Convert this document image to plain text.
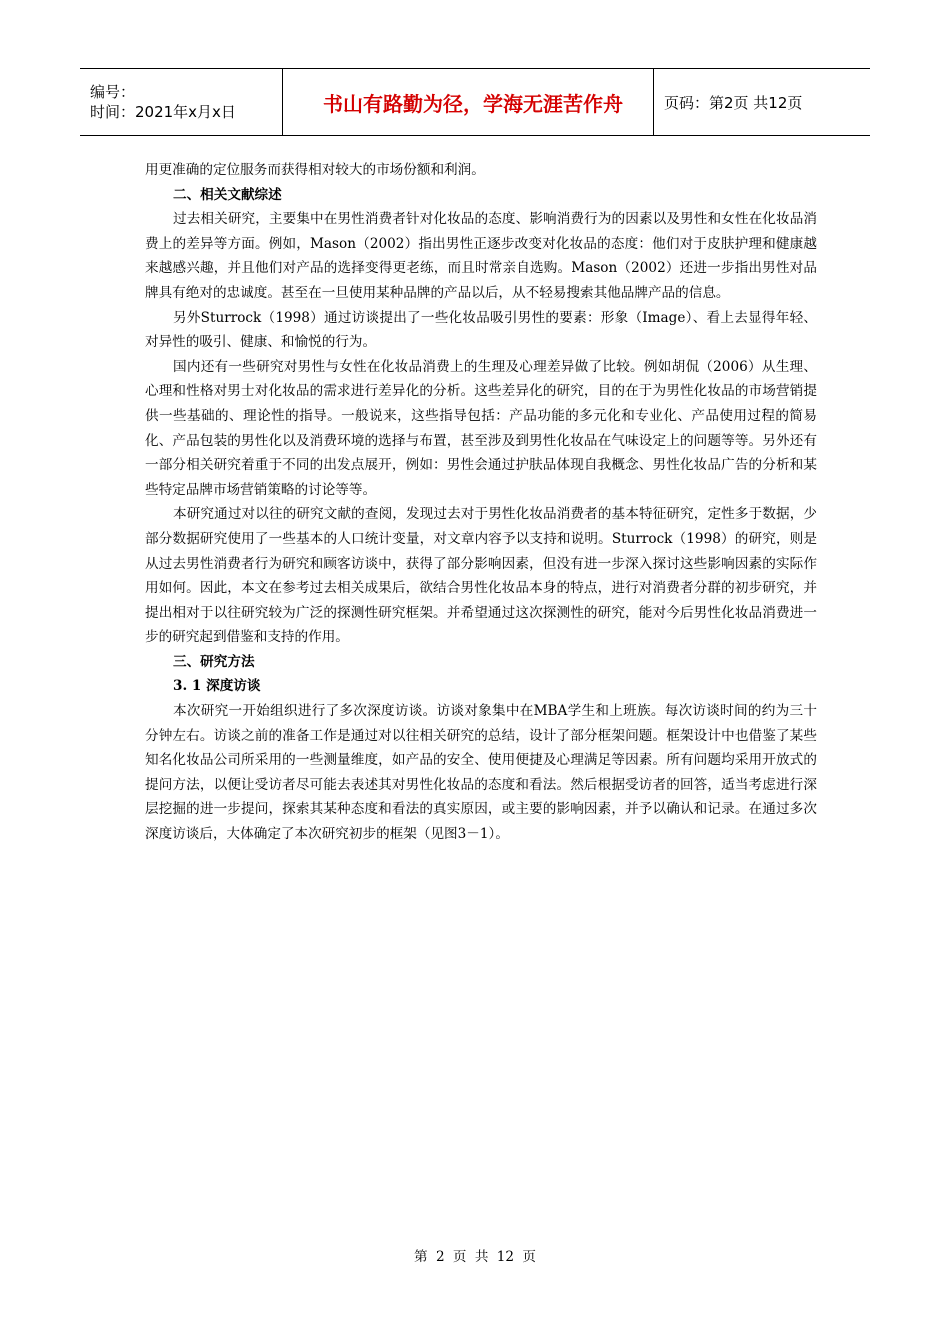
编号：
时间：2021年x月x日	书山有路勤为径，学海无涯苦作舟	页码：第2页 共12页

用更准确的定位服务而获得相对较大的市场份额和利润。

二、相关文献综述

过去相关研究，主要集中在男性消费者针对化妆品的态度、影响消费行为的因素以及男性和女性在化妆品消费上的差异等方面。例如，Mason（2002）指出男性正逐步改变对化妆品的态度：他们对于皮肤护理和健康越来越感兴趣，并且他们对产品的选择变得更老练，而且时常亲自选购。Mason（2002）还进一步指出男性对品牌具有绝对的忠诚度。甚至在一旦使用某种品牌的产品以后，从不轻易搜索其他品牌产品的信息。

另外Sturrock（1998）通过访谈提出了一些化妆品吸引男性的要素：形象（Image）、看上去显得年轻、对异性的吸引、健康、和愉悦的行为。

国内还有一些研究对男性与女性在化妆品消费上的生理及心理差异做了比较。例如胡侃（2006）从生理、心理和性格对男士对化妆品的需求进行差异化的分析。这些差异化的研究，目的在于为男性化妆品的市场营销提供一些基础的、理论性的指导。一般说来，这些指导包括：产品功能的多元化和专业化、产品使用过程的简易化、产品包装的男性化以及消费环境的选择与布置，甚至涉及到男性化妆品在气味设定上的问题等等。另外还有一部分相关研究着重于不同的出发点展开，例如：男性会通过护肤品体现自我概念、男性化妆品广告的分析和某些特定品牌市场营销策略的讨论等等。

本研究通过对以往的研究文献的查阅，发现过去对于男性化妆品消费者的基本特征研究，定性多于数据，少部分数据研究使用了一些基本的人口统计变量，对文章内容予以支持和说明。Sturrock（1998）的研究，则是从过去男性消费者行为研究和顾客访谈中，获得了部分影响因素，但没有进一步深入探讨这些影响因素的实际作用如何。因此，本文在参考过去相关成果后，欲结合男性化妆品本身的特点，进行对消费者分群的初步研究，并提出相对于以往研究较为广泛的探测性研究框架。并希望通过这次探测性的研究，能对今后男性化妆品消费进一步的研究起到借鉴和支持的作用。

三、研究方法

3. 1 深度访谈

本次研究一开始组织进行了多次深度访谈。访谈对象集中在MBA学生和上班族。每次访谈时间的约为三十分钟左右。访谈之前的准备工作是通过对以往相关研究的总结，设计了部分框架问题。框架设计中也借鉴了某些知名化妆品公司所采用的一些测量维度，如产品的安全、使用便捷及心理满足等因素。所有问题均采用开放式的提问方法，以便让受访者尽可能去表述其对男性化妆品的态度和看法。然后根据受访者的回答，适当考虑进行深层挖掘的进一步提问，探索其某种态度和看法的真实原因，或主要的影响因素，并予以确认和记录。在通过多次深度访谈后，大体确定了本次研究初步的框架（见图3－1）。

第 2 页 共 12 页
